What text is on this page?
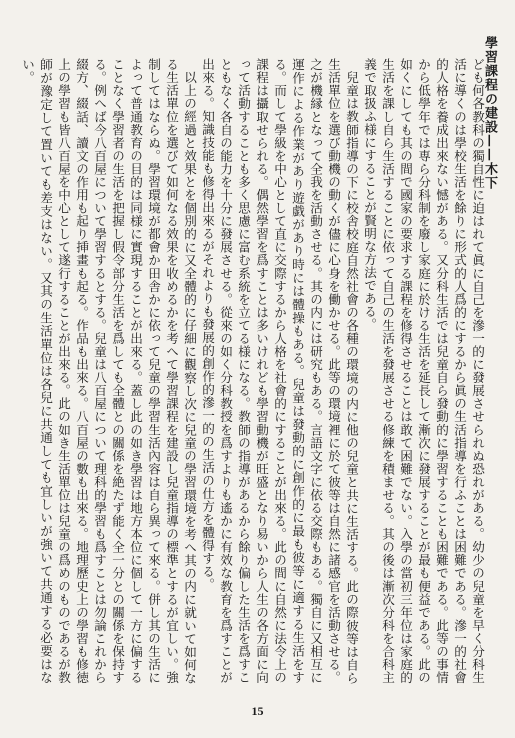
學習課程の建設——木下

ども何各教科の獨自性に迫はれて眞に自己を滲一的に發展させられぬ恐れがある。幼少の兒童を早く分科生活に導くのは學校生活を餘りに形式的人爲的にするから眞の生活指導を行ふことは困難である。滲一的社會的人格を養成出來ない憾がある。又分科生活では兒童自ら發動的に學習することも困難である。此等の事情から低學年では専ら分科制を廢し家庭に於ける生活を延長して漸次に發展することが最も便益である。此の如くにしても其の間で國家の要求する課程を修得させることは敢て困難でない。入學の當初三年位は家庭的生活を課し自ら生活することに依って自己の生活を發展させる修練を積ませる。其の後は漸次分科を合科主義で取扱ふ様にすることが賢明な方法である。

兒童は教師指導の下に校舎校庭自然社會の各種の環境の内に他の兒童と共に生活する。此の際彼等は自ら生活單位を選び動機の動くが儘に心身を働かせる。此等の環境裡に於て彼等は自然に諸感官を活動させる。之が機縁となって全我を活動させる。其の内には研究もある。言語文字に依る交際もある。獨自に又相互に運作による作業があり遊戯があり時には體操もある。兒童は發動的に創作的に最も彼等に適する生活をする。而して學級を中心として直に交際するから人格を社會的にすることが出來る。此の間に自然に法令上の課程は攝取せられる。偶然學習を爲すことは多いけれども學習動機が旺盛となり易いから人生の各方面に向って活動することも多く思慮に富む系統を立てる様になる。教師の指導があるから餘り偏した生活を爲すこともなく各自の能力を十分に發展させる。從來の如く分科教授を爲すよりも遙かに有效な教育を爲すことが出來る。知識技能も修得出來るがそれよりも發展的創作的滲一的の生活の仕方を體得する。

以上の經過と效果とを個別的に又全體的に仔細に觀察し次に兒童の學習環境を考へ其の内に就いて如何なる生活單位を選びて如何なる效果を收めるかを考へて學習課程を建設し兒童指導の標準とするが宜しい。強制してはならぬ。學習環境が都會か田舎かに依って兒童の學習生活內容は自ら異って來る。併し其の生活によって普通教育の目的は同様に實現することが出來る。蓋し此の如き學習は地方本位に個して一方に偏することなく學習者の生活を把握し假令部分生活を爲しても全體との關係を絶たず能く全一分との關係を保持する。例へば今八百屋について學習するとする。兒童は八百屋について理科的學習も爲すことは勿論これから綴方、綴話、讀文の作用も起り挿畫も起る。作品も出來る。八百屋の數も出來る。地理歷史上の學習も修徳上の學習も皆八百屋を中心として遂行することが出來る。此の如き生活單位は兒童の爲めのものであるが教師が豫定して置いても差支はない。又其の生活單位は各兒に共通しても宜しいが強いて共通する必要はない。

15
